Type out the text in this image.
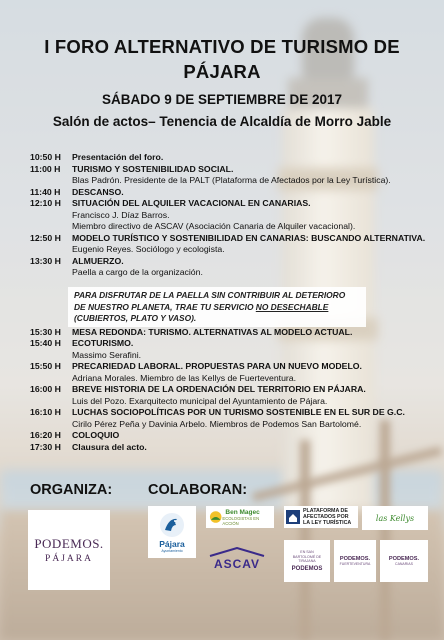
I FORO ALTERNATIVO DE TURISMO DE
PÁJARA
SÁBADO 9 DE SEPTIEMBRE DE 2017
Salón de actos– Tenencia de Alcaldía de Morro Jable
10:50 H	Presentación del foro.
11:00 H	TURISMO Y SOSTENIBILIDAD SOCIAL.
Blas Padrón. Presidente de la PALT (Plataforma de Afectados por la Ley Turística).
11:40 H	DESCANSO.
12:10 H	SITUACIÓN DEL ALQUILER VACACIONAL EN CANARIAS.
Francisco J. Díaz Barros.
Miembro directivo de ASCAV (Asociación Canaria de Alquiler vacacional).
12:50 H	MODELO TURÍSTICO Y SOSTENIBILIDAD EN CANARIAS: BUSCANDO ALTERNATIVA.
Eugenio Reyes. Sociólogo y ecologista.
13:30 H	ALMUERZO.
Paella a cargo de la organización.
15:30 H	MESA REDONDA: TURISMO. ALTERNATIVAS AL MODELO ACTUAL.
15:40 H	ECOTURISMO.
Massimo Serafini.
15:50 H	PRECARIEDAD LABORAL. PROPUESTAS PARA UN NUEVO MODELO.
Adriana Morales. Miembro de las Kellys de Fuerteventura.
16:00 H	BREVE HISTORIA DE LA ORDENACIÓN DEL TERRITORIO EN PÁJARA.
Luis del Pozo. Exarquitecto municipal del Ayuntamiento de Pájara.
16:10 H	LUCHAS SOCIOPOLÍTICAS POR UN TURISMO SOSTENIBLE EN EL SUR DE G.C.
Cirilo Pérez Peña y Davinia Arbelo. Miembros de Podemos San Bartolomé.
16:20 H	COLOQUIO
17:30 H	Clausura del acto.
PARA DISFRUTAR DE LA PAELLA SIN CONTRIBUIR AL DETERIORO
DE NUESTRO PLANETA, TRAE TU SERVICIO NO DESECHABLE
(CUBIERTOS, PLATO Y VASO).
ORGANIZA: COLABORAN:
PODEMOS.
PÁJARA
Pájara
Ayuntamiento
Ben Magec
ECOLOGISTAS EN ACCIÓN
PLATAFORMA DE
AFECTADOS POR
LA LEY TURÍSTICA
las Kellys
ASCAV
EN SAN
BARTOLOMÉ DE
TIRAJANA
PODEMOS
PODEMOS.
FUERTEVENTURA
PODEMOS.
CANARIAS
